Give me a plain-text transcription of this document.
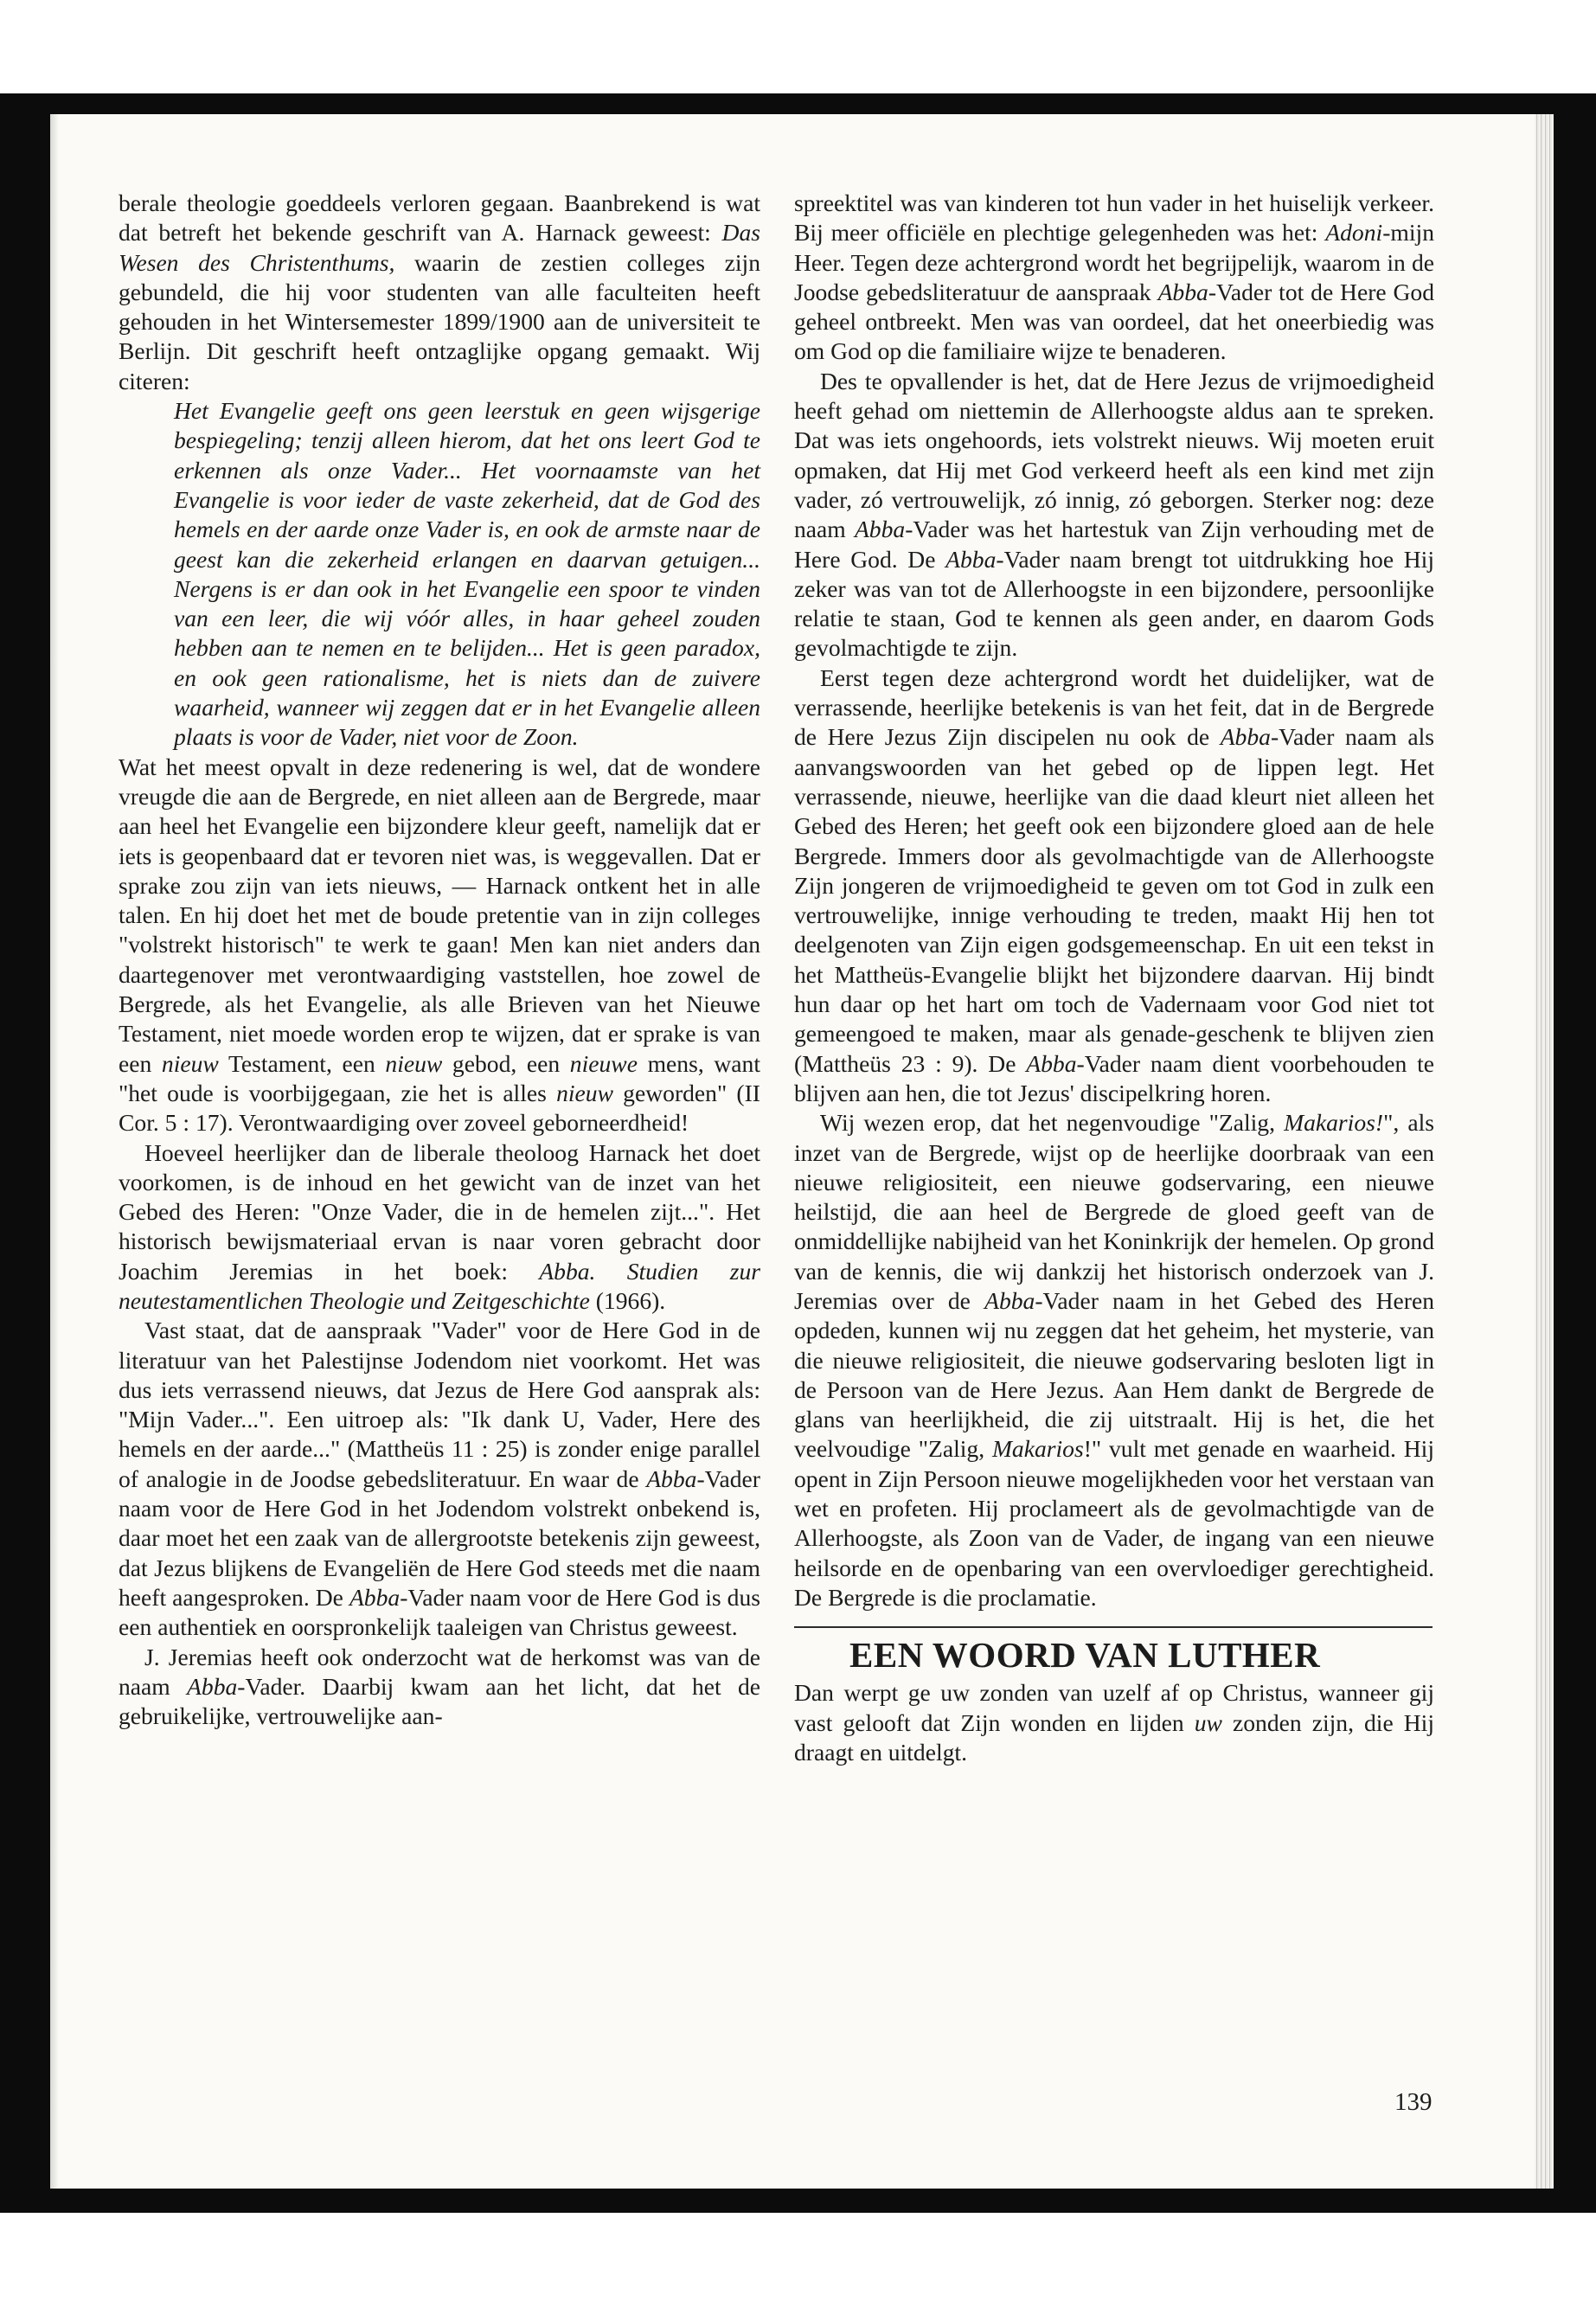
berale theologie goeddeels verloren gegaan. Baanbrekend is wat dat betreft het bekende geschrift van A. Harnack geweest: Das Wesen des Christenthums, waarin de zestien colleges zijn gebundeld, die hij voor studenten van alle faculteiten heeft gehouden in het Wintersemester 1899/1900 aan de universiteit te Berlijn. Dit geschrift heeft ontzaglijke opgang gemaakt. Wij citeren:

Het Evangelie geeft ons geen leerstuk en geen wijsgerige bespiegeling; tenzij alleen hierom, dat het ons leert God te erkennen als onze Vader... Het voornaamste van het Evangelie is voor ieder de vaste zekerheid, dat de God des hemels en der aarde onze Vader is, en ook de armste naar de geest kan die zekerheid erlangen en daarvan getuigen... Nergens is er dan ook in het Evangelie een spoor te vinden van een leer, die wij vóór alles, in haar geheel zouden hebben aan te nemen en te belijden... Het is geen paradox, en ook geen rationalisme, het is niets dan de zuivere waarheid, wanneer wij zeggen dat er in het Evangelie alleen plaats is voor de Vader, niet voor de Zoon.

Wat het meest opvalt in deze redenering is wel, dat de wondere vreugde die aan de Bergrede, en niet alleen aan de Bergrede, maar aan heel het Evangelie een bijzondere kleur geeft, namelijk dat er iets is geopenbaard dat er tevoren niet was, is weggevallen. Dat er sprake zou zijn van iets nieuws, — Harnack ontkent het in alle talen. En hij doet het met de boude pretentie van in zijn colleges "volstrekt historisch" te werk te gaan! Men kan niet anders dan daartegenover met verontwaardiging vaststellen, hoe zowel de Bergrede, als het Evangelie, als alle Brieven van het Nieuwe Testament, niet moede worden erop te wijzen, dat er sprake is van een nieuw Testament, een nieuw gebod, een nieuwe mens, want "het oude is voorbijgegaan, zie het is alles nieuw geworden" (II Cor. 5 : 17). Verontwaardiging over zoveel geborneerdheid!

Hoeveel heerlijker dan de liberale theoloog Harnack het doet voorkomen, is de inhoud en het gewicht van de inzet van het Gebed des Heren: "Onze Vader, die in de hemelen zijt...". Het historisch bewijsmateriaal ervan is naar voren gebracht door Joachim Jeremias in het boek: Abba. Studien zur neutestamentlichen Theologie und Zeitgeschichte (1966).

Vast staat, dat de aanspraak "Vader" voor de Here God in de literatuur van het Palestijnse Jodendom niet voorkomt. Het was dus iets verrassend nieuws, dat Jezus de Here God aansprak als: "Mijn Vader...". Een uitroep als: "Ik dank U, Vader, Here des hemels en der aarde..." (Mattheüs 11 : 25) is zonder enige parallel of analogie in de Joodse gebedsliteratuur. En waar de Abba-Vader naam voor de Here God in het Jodendom volstrekt onbekend is, daar moet het een zaak van de allergrootste betekenis zijn geweest, dat Jezus blijkens de Evangeliën de Here God steeds met die naam heeft aangesproken. De Abba-Vader naam voor de Here God is dus een authentiek en oorspronkelijk taaleigen van Christus geweest.

J. Jeremias heeft ook onderzocht wat de herkomst was van de naam Abba-Vader. Daarbij kwam aan het licht, dat het de gebruikelijke, vertrouwelijke aan-

spreektitel was van kinderen tot hun vader in het huiselijk verkeer. Bij meer officiële en plechtige gelegenheden was het: Adoni-mijn Heer. Tegen deze achtergrond wordt het begrijpelijk, waarom in de Joodse gebedsliteratuur de aanspraak Abba-Vader tot de Here God geheel ontbreekt. Men was van oordeel, dat het oneerbiedig was om God op die familiaire wijze te benaderen.

Des te opvallender is het, dat de Here Jezus de vrijmoedigheid heeft gehad om niettemin de Allerhoogste aldus aan te spreken. Dat was iets ongehoords, iets volstrekt nieuws. Wij moeten eruit opmaken, dat Hij met God verkeerd heeft als een kind met zijn vader, zó vertrouwelijk, zó innig, zó geborgen. Sterker nog: deze naam Abba-Vader was het hartestuk van Zijn verhouding met de Here God. De Abba-Vader naam brengt tot uitdrukking hoe Hij zeker was van tot de Allerhoogste in een bijzondere, persoonlijke relatie te staan, God te kennen als geen ander, en daarom Gods gevolmachtigde te zijn.

Eerst tegen deze achtergrond wordt het duidelijker, wat de verrassende, heerlijke betekenis is van het feit, dat in de Bergrede de Here Jezus Zijn discipelen nu ook de Abba-Vader naam als aanvangswoorden van het gebed op de lippen legt. Het verrassende, nieuwe, heerlijke van die daad kleurt niet alleen het Gebed des Heren; het geeft ook een bijzondere gloed aan de hele Bergrede. Immers door als gevolmachtigde van de Allerhoogste Zijn jongeren de vrijmoedigheid te geven om tot God in zulk een vertrouwelijke, innige verhouding te treden, maakt Hij hen tot deelgenoten van Zijn eigen godsgemeenschap. En uit een tekst in het Mattheüs-Evangelie blijkt het bijzondere daarvan. Hij bindt hun daar op het hart om toch de Vadernaam voor God niet tot gemeengoed te maken, maar als genade-geschenk te blijven zien (Mattheüs 23 : 9). De Abba-Vader naam dient voorbehouden te blijven aan hen, die tot Jezus' discipelkring horen.

Wij wezen erop, dat het negenvoudige "Zalig, Makarios!", als inzet van de Bergrede, wijst op de heerlijke doorbraak van een nieuwe religiositeit, een nieuwe godservaring, een nieuwe heilstijd, die aan heel de Bergrede de gloed geeft van de onmiddellijke nabijheid van het Koninkrijk der hemelen. Op grond van de kennis, die wij dankzij het historisch onderzoek van J. Jeremias over de Abba-Vader naam in het Gebed des Heren opdeden, kunnen wij nu zeggen dat het geheim, het mysterie, van die nieuwe religiositeit, die nieuwe godservaring besloten ligt in de Persoon van de Here Jezus. Aan Hem dankt de Bergrede de glans van heerlijkheid, die zij uitstraalt. Hij is het, die het veelvoudige "Zalig, Makarios!" vult met genade en waarheid. Hij opent in Zijn Persoon nieuwe mogelijkheden voor het verstaan van wet en profeten. Hij proclameert als de gevolmachtigde van de Allerhoogste, als Zoon van de Vader, de ingang van een nieuwe heilsorde en de openbaring van een overvloediger gerechtigheid. De Bergrede is die proclamatie.

EEN WOORD VAN LUTHER

Dan werpt ge uw zonden van uzelf af op Christus, wanneer gij vast gelooft dat Zijn wonden en lijden uw zonden zijn, die Hij draagt en uitdelgt.

139
